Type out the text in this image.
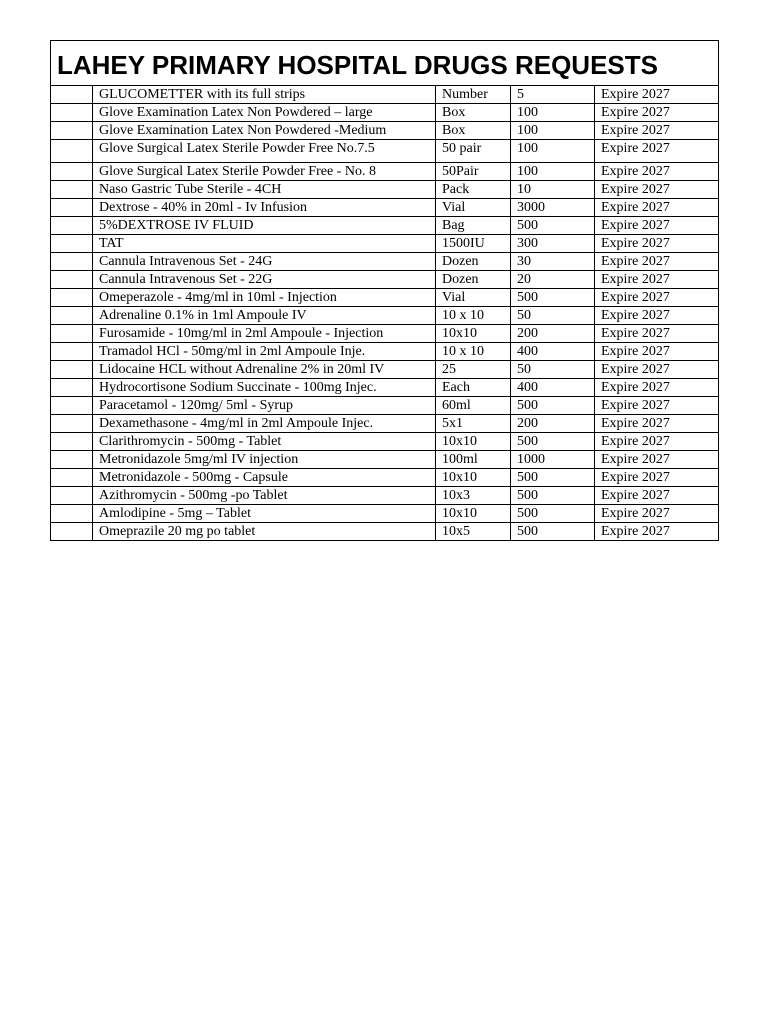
LAHEY PRIMARY HOSPITAL DRUGS REQUESTS				
	GLUCOMETTER with its full strips	Number	5	Expire 2027
	Glove Examination Latex Non Powdered – large	Box	100	Expire 2027
	Glove Examination Latex Non Powdered -Medium	Box	100	Expire 2027
	Glove Surgical Latex Sterile Powder Free No.7.5	50 pair	100	Expire 2027
	Glove Surgical Latex Sterile Powder Free - No. 8	50Pair	100	Expire 2027
	Naso Gastric Tube Sterile - 4CH	Pack	10	Expire 2027
	Dextrose - 40% in 20ml - Iv Infusion	Vial	3000	Expire 2027
	5%DEXTROSE IV FLUID	Bag	500	Expire 2027
	TAT	1500IU	300	Expire 2027
	Cannula Intravenous Set - 24G	Dozen	30	Expire 2027
	Cannula Intravenous Set - 22G	Dozen	20	Expire 2027
	Omeperazole - 4mg/ml in 10ml - Injection	Vial	500	Expire 2027
	Adrenaline 0.1% in 1ml Ampoule IV	10 x 10	50	Expire 2027
	Furosamide - 10mg/ml in 2ml Ampoule - Injection	10x10	200	Expire 2027
	Tramadol HCl - 50mg/ml in 2ml Ampoule Inje.	10 x 10	400	Expire 2027
	Lidocaine HCL without Adrenaline 2% in 20ml IV	25	50	Expire 2027
	Hydrocortisone Sodium Succinate - 100mg Injec.	Each	400	Expire 2027
	Paracetamol - 120mg/ 5ml - Syrup	60ml	500	Expire 2027
	Dexamethasone - 4mg/ml in 2ml Ampoule Injec.	5x1	200	Expire 2027
	Clarithromycin - 500mg - Tablet	10x10	500	Expire 2027
	Metronidazole 5mg/ml IV injection	100ml	1000	Expire 2027
	Metronidazole - 500mg - Capsule	10x10	500	Expire 2027
	Azithromycin - 500mg -po Tablet	10x3	500	Expire 2027
	Amlodipine - 5mg – Tablet	10x10	500	Expire 2027
	Omeprazile 20 mg po tablet	10x5	500	Expire 2027
